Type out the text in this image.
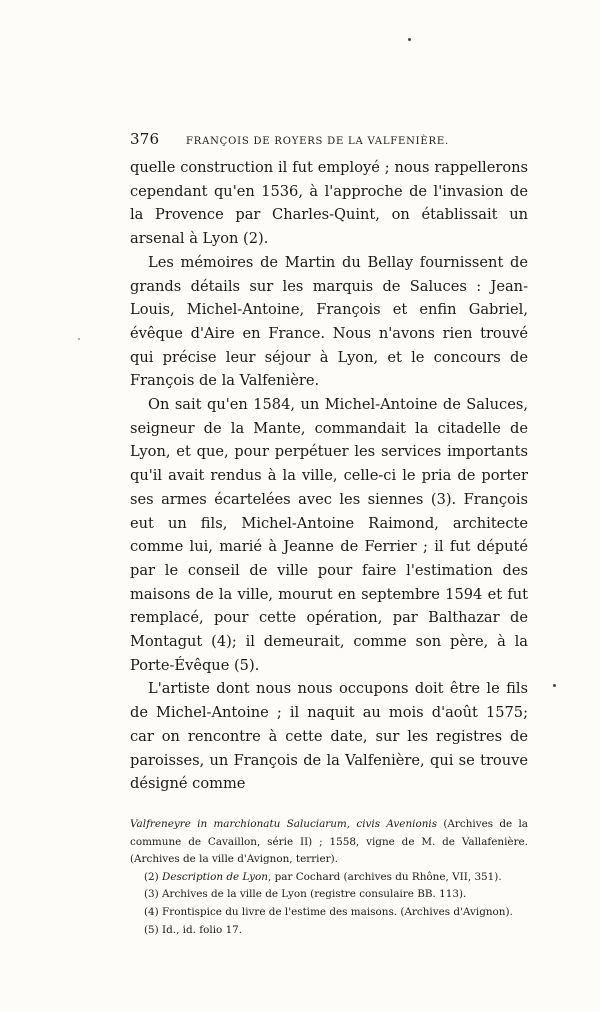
376	FRANÇOIS DE ROYERS DE LA VALFENIÈRE.

quelle construction il fut employé ; nous rappellerons cependant qu'en 1536, à l'approche de l'invasion de la Provence par Charles-Quint, on établissait un arsenal à Lyon (2).

Les mémoires de Martin du Bellay fournissent de grands détails sur les marquis de Saluces : Jean-Louis, Michel-Antoine, François et enfin Gabriel, évêque d'Aire en France. Nous n'avons rien trouvé qui précise leur séjour à Lyon, et le concours de François de la Valfenière.

On sait qu'en 1584, un Michel-Antoine de Saluces, seigneur de la Mante, commandait la citadelle de Lyon, et que, pour perpétuer les services importants qu'il avait rendus à la ville, celle-ci le pria de porter ses armes écartelées avec les siennes (3). François eut un fils, Michel-Antoine Raimond, architecte comme lui, marié à Jeanne de Ferrier ; il fut député par le conseil de ville pour faire l'estimation des maisons de la ville, mourut en septembre 1594 et fut remplacé, pour cette opération, par Balthazar de Montagut (4); il demeurait, comme son père, à la Porte-Évêque (5).

L'artiste dont nous nous occupons doit être le fils de Michel-Antoine ; il naquit au mois d'août 1575; car on rencontre à cette date, sur les registres de paroisses, un François de la Valfenière, qui se trouve désigné comme

Valfreneyre in marchionatu Saluciarum, civis Avenionis (Archives de la commune de Cavaillon, série II) ; 1558, vigne de M. de Vallafenière. (Archives de la ville d'Avignon, terrier).

(2) Description de Lyon, par Cochard (archives du Rhône, VII, 351).

(3) Archives de la ville de Lyon (registre consulaire BB. 113).

(4) Frontispice du livre de l'estime des maisons. (Archives d'Avignon).

(5) Id., id. folio 17.
